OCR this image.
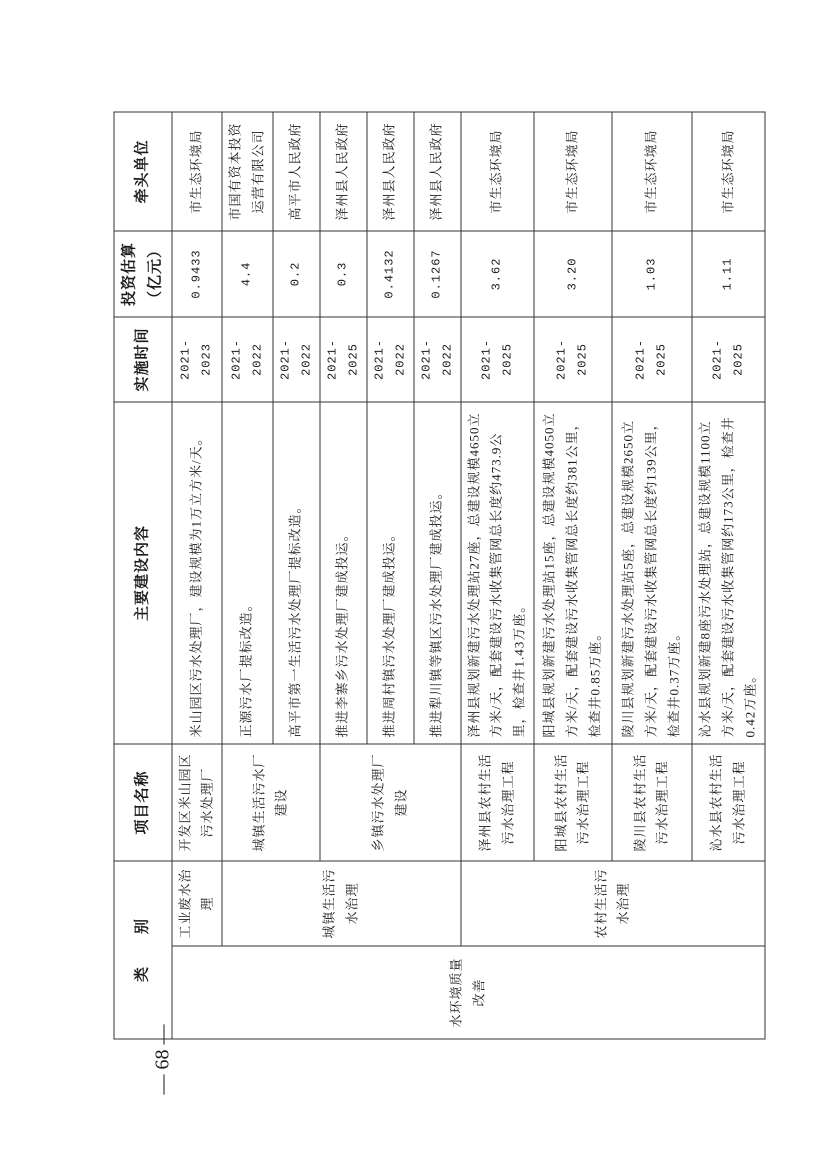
类　　别		项目名称	主要建设内容	实施时间	投资估算（亿元）	牵头单位
水环境质量改善	工业废水治理	开发区米山园区污水处理厂	米山园区污水处理厂，建设规模为1万立方米/天。	2021-2023	0.9433	市生态环境局
	城镇生活污水治理	城镇生活污水厂建设	正源污水厂提标改造。	2021-2022	4.4	市国有资本投资运营有限公司
			高平市第一生活污水处理厂提标改造。	2021-2022	0.2	高平市人民政府
		乡镇污水处理厂建设	推进李寨乡污水处理厂建成投运。	2021-2025	0.3	泽州县人民政府
			推进周村镇污水处理厂建成投运。	2021-2022	0.4132	泽州县人民政府
			推进犁川镇等镇区污水处理厂建成投运。	2021-2022	0.1267	泽州县人民政府
	农村生活污水治理	泽州县农村生活污水治理工程	泽州县规划新建污水处理站27座，总建设规模4650立方米/天，配套建设污水收集管网总长度约473.9公里，检查井1.43万座。	2021-2025	3.62	市生态环境局
		阳城县农村生活污水治理工程	阳城县规划新建污水处理站15座，总建设规模4050立方米/天，配套建设污水收集管网总长度约381公里，检查井0.85万座。	2021-2025	3.20	市生态环境局
		陵川县农村生活污水治理工程	陵川县规划新建污水处理站5座，总建设规模2650立方米/天，配套建设污水收集管网总长度约139公里，检查井0.37万座。	2021-2025	1.03	市生态环境局
		沁水县农村生活污水治理工程	沁水县规划新建8座污水处理站，总建设规模1100立方米/天，配套建设污水收集管网约173公里，检查井0.42万座。	2021-2025	1.11	市生态环境局
— 68 —
